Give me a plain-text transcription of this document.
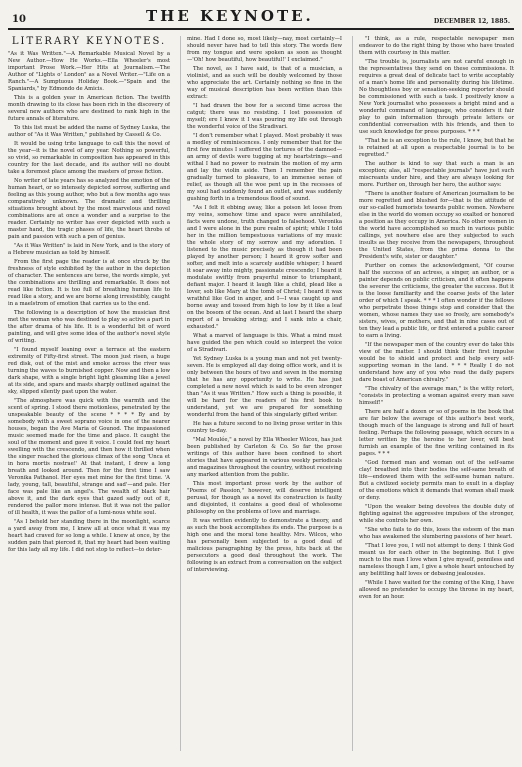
10	THE KEYNOTE.	DECEMBER 12, 1885.
LITERARY KEYNOTES.

"As it Was Written."—A Remarkable Musical Novel by a New Author.—How He Works.—Ella Wheeler's most important Prose Work.—Her Hits at Journalism.—The Author of "Lights o' London" as a Novel Writer.—"Life on a Ranch."—A Sumptuous Holiday Book.—"Spain and the Spaniards," by Edmondo de Amicis.

This is a golden year in American fiction. The twelfth month drawing to its close has been rich in the discovery of several new authors who are destined to rank high in the future annals of literature.

To this list must be added the name of Sydney Luska, the author of "As it Was Written," published by Cassell & Co.

It would be using trite language to call this the novel of the year—it is the novel of any year. Nothing so powerful, so vivid, so remarkable in composition has appeared in this country for the last decade, and its author will no doubt take a foremost place among the masters of prose fiction.

No writer of late years has so analyzed the emotion of the human heart, or so intensely depicted sorrow, suffering and feeling as this young author, who but a few months ago was comparatively unknown. The dramatic and thrilling situations brought about by the most marvelous and novel combinations are at once a wonder and a surprise to the reader. Certainly no writer has ever depicted with such a master hand, the tragic phases of life, the heart throbs of pain and passion with such a pen of genius.

"As it Was Written" is laid in New York, and is the story of a Hebrew musician as told by himself.

From the first page the reader is at once struck by the freshness of style exhibited by the author in the depiction of character. The sentences are terse, the words simple, yet the combinations are thrilling and remarkable. It does not read like fiction. It is too full of breathing human life to read like a story, and we are borne along irresistibly, caught in a maelstrom of emotion that carries us to the end.

The following is a description of how the musician first met the woman who was destined to play so active a part in the after drama of his life. It is a wonderful bit of word painting, and will give some idea of the author's novel style of writing.

"I found myself leaning over a terrace at the eastern extremity of Fifty-first street. The moon just risen, a huge red disk, out of the mist and smoke across the river was turning the waves to burnished copper. Now and then a low dark shape, with a single bright light gleaming like a jewel at its side, and spars and masts sharply outlined against the sky, slipped silently past upon the water.

"The atmosphere was quick with the warmth and the scent of spring. I stood there motionless, penetrated by the unspeakable beauty of the scene * * * * By and by somebody with a sweet soprano voice in one of the nearer houses, began the Ave Maria of Gounod. The impassioned music seemed made for the time and place. It caught the soul of the moment and gave it voice. I could feel my heart swelling with the crescendo, and then how it thrilled when the singer reached the glorious climax of the song 'Unca et in hora mortis nostrae!' At that instant, I drew a long breath and looked around. Then for the first time I saw Veronika Pathanol. Her eyes met mine for the first time. 'A lady, young, tall, beautiful, strange and sad'—and pale. Her face was pale like an angel's. The wealth of black hair above it, and the dark eyes that gazed sadly out of it, rendered the pallor more intense. But it was not the pallor of ill health, it was the pallor of a lumi-nous white soul.

"As I beheld her standing there in the moonlight, scarce a yard away from me, I knew all at once what it was my heart had craved for so long a while. I knew at once, by the sudden pain that pierced it, that my heart had been waiting for this lady all my life. I did not stop to reflect—to deter-

mine. Had I done so, most likely—nay, most certainly—I should never have had to tell this story. The words flew from my tongue and were spoken as soon as thought—'Oh! how beautiful, how beautiful!' I exclaimed."

The novel, as I have said, is that of a musician, a violinist, and as such will be doubly welcomed by those who appreciate the art. Certainly nothing so fine in the way of musical description has been written than this extract:

"I had drawn the bow for a second time across the catgut; there was no resisting. I lost possession of myself; ere I knew it I was pouring my life out through the wonderful voice of the Stradivari.

"I don't remember what I played. Most probably it was a medley of reminiscences. I only remember that for the first few minutes I suffered the tortures of the damned—an army of devils were tugging at my heartstrings—and withal I had no power to restrain the motion of my arm and lay the violin aside. Then I remember the pain gradually turned to pleasure, to an immense sense of relief, as though all the woe pent up in the recesses of my soul had suddenly found an outlet, and was suddenly gushing forth in a tremendous flood of sound.

"As I felt it ebbing away, like a poison let loose from my veins, somehow time and space were annihilated, facts were undone, truth changed to falsehood. Veronika and I were alone in the pure realm of spirit; while I told her in the million tempestuous variations of my music the whole story of my sorrow and my adoration. I listened to the music precisely as though it had been played by another person; I heard it grow softer and softer, and melt into a scarcely audible whisper; I heard it soar away into mighty, passionate crescendo; I heard it modulate swiftly from prayerful minor to triumphant, defiant major. I heard it laugh like a child, plead like a lover, sob like Mary at the tomb of Christ; I heard it wax wrathful like God in anger, and I—I was caught up and borne away and tossed from high to low by it like a leaf on the bosom of the ocean. And at last I heard the sharp report of a breaking string; and I sank into a chair, exhausted."

What a marvel of language is this. What a mind must have guided the pen which could so interpret the voice of a Stradivari.

Yet Sydney Luska is a young man and not yet twenty-seven. He is employed all day doing office work, and it is only between the hours of two and seven in the morning that he has any opportunity to write. He has just completed a new novel which is said to be even stronger than "As it was Written." How such a thing is possible, it will be hard for the readers of his first book to understand, yet we are prepared for something wonderful from the hand of this singularly gifted writer.

He has a future second to no living prose writer in this country to-day.

"Mal Moulée," a novel by Ella Wheeler Wilcox, has just been published by Carleton & Co. So far the prose writings of this author have been confined to short stories that have appeared in various weekly periodicals and magazines throughout the country, without receiving any marked attention from the public.

This most important prose work by the author of "Poems of Passion," however, will deserve intelligent perusal, for though as a novel its construction is faulty and disjointed, it contains a good deal of wholesome philosophy on the problems of love and marriage.

It was written evidently to demonstrate a theory, and as such the book accomplishes its ends. The purpose is a high one and the moral tone healthy. Mrs. Wilcox, who has personally been subjected to a good deal of malicious paragraphing by the press, hits back at the persecutors a good deal throughout the work. The following is an extract from a conversation on the subject of interviewing.

"I think, as a rule, respectable newspaper men endeavor to do the right thing by those who have treated them with courtesy in this matter.

"The trouble is, journalists are not careful enough in the representatives they send on these commissions. It requires a great deal of delicate tact to write acceptably of a man's home life and personality during his lifetime. No thoughtless boy or sensation-seeking reporter should be commissioned with such a task. I positively know a New York journalist who possesses a bright mind and a wonderful command of language, who considers it fair play to gain information through private letters or confidential conversation with his friends, and then to use such knowledge for press purposes. * * *

"That he is an exception to the rule, I know, but that he is retained at all upon a respectable journal is to be regretted."

The author is kind to say that such a man is an exception; alas, all "respectable journals" have just such miscreants under hire, and they are always looking for more. Further on, through her hero, the author says:

"There is another feature of American journalism to be more regretted and blushed for—that is the attitude of our so-called humorists towards public women. Nowhere else in the world do women occupy so exalted or honored a position as they occupy in America. No other women in the world have accomplished so much in various public callings, yet nowhere else are they subjected to such insults as they receive from the newspapers, throughout the United States, from the prima donna to the President's wife, sister or daughter."

Further on comes the acknowledgment, "Of course half the success of an actress, a singer, an author, or a painter depends on public criticism, and it often happens the severer the criticisms, the greater the success. But it is the loose familiarity and the coarse jests of the later order of which I speak. * * * I often wonder if the fellows who perpetrate those things stop and consider that the women, whose names they use so freely, are somebody's sisters, wives, or mothers, and that in nine cases out of ten they lead a public life, or first entered a public career to earn a living.

"If the newspaper men of the country ever do take this view of the matter. I should think their first impulse would be to shield and protect and help every self-supporting woman in the land. * * * Really I do not understand how any of you who read the daily papers dare boast of American chivalry."

"The chivalry of the average man," is the witty retort, "consists in protecting a woman against every man save himself!"

There are half a dozen or so of poems in the book that are far below the average of this author's best work, though much of the language is strong and full of heart feeling. Perhaps the following passage, which occurs in a letter written by the heroine to her lover, will best furnish an example of the fine writing contained in its pages. * * *

"God formed man and woman out of the self-same clay! breathed into their bodies the self-same breath of life—endowed them with the self-same human nature. But a civilized society permits man to exult in a display of the emotions which it demands that woman shall mask or deny.

"Upon the weaker being devolves the double duty of fighting against the aggressive impulses of the stronger, while she controls her own.

"She who fails to do this, loses the esteem of the man who has awakened the slumbering passions of her heart.

"That I love you, I will not attempt to deny. I think God meant us for each other in the beginning. But I give much to the man I love when I give myself, penniless and nameless though I am, I give a whole heart untouched by any belittling half loves or debasing jealousies.

"While I have waited for the coming of the King, I have allowed no pretender to occupy the throne in my heart, even for an hour.
